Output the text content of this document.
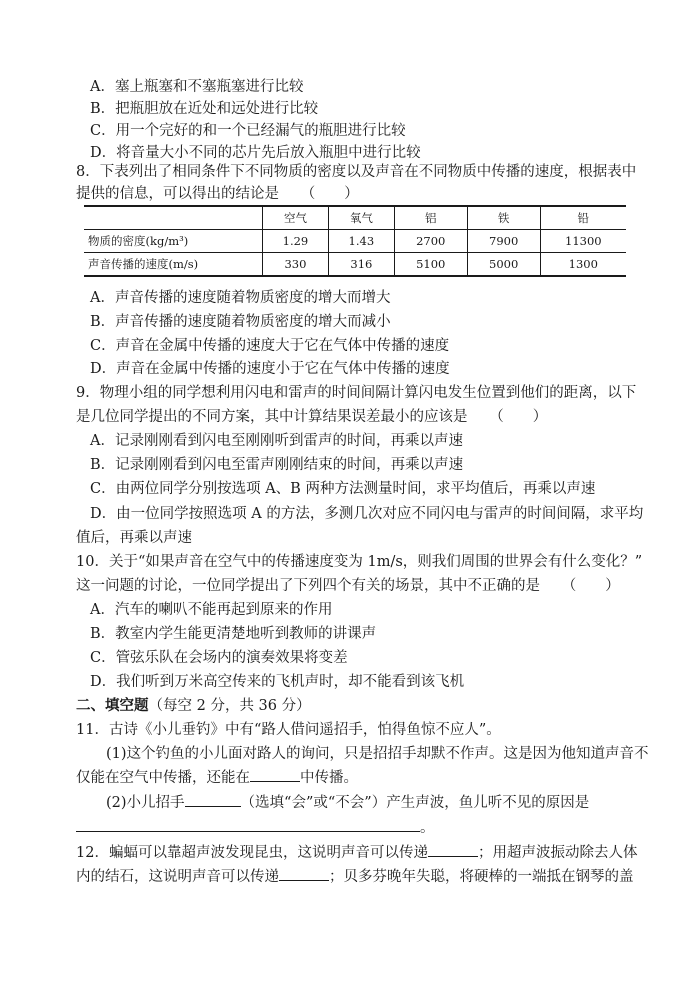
A．塞上瓶塞和不塞瓶塞进行比较
B．把瓶胆放在近处和远处进行比较
C．用一个完好的和一个已经漏气的瓶胆进行比较
D．将音量大小不同的芯片先后放入瓶胆中进行比较
8．下表列出了相同条件下不同物质的密度以及声音在不同物质中传播的速度，根据表中
提供的信息，可以得出的结论是　　（　　）
	空气	氧气	铝	铁	铅
物质的密度(kg/m³)	1.29	1.43	2700	7900	11300
声音传播的速度(m/s)	330	316	5100	5000	1300
A．声音传播的速度随着物质密度的增大而增大
B．声音传播的速度随着物质密度的增大而减小
C．声音在金属中传播的速度大于它在气体中传播的速度
D．声音在金属中传播的速度小于它在气体中传播的速度
9．物理小组的同学想利用闪电和雷声的时间间隔计算闪电发生位置到他们的距离，以下
是几位同学提出的不同方案，其中计算结果误差最小的应该是　　（　　）
A．记录刚刚看到闪电至刚刚听到雷声的时间，再乘以声速
B．记录刚刚看到闪电至雷声刚刚结束的时间，再乘以声速
C．由两位同学分别按选项 A、B 两种方法测量时间，求平均值后，再乘以声速
D．由一位同学按照选项 A 的方法，多测几次对应不同闪电与雷声的时间间隔，求平均
值后，再乘以声速
10．关于“如果声音在空气中的传播速度变为 1m/s，则我们周围的世界会有什么变化？”
这一问题的讨论，一位同学提出了下列四个有关的场景，其中不正确的是　　（　　）
A．汽车的喇叭不能再起到原来的作用
B．教室内学生能更清楚地听到教师的讲课声
C．管弦乐队在会场内的演奏效果将变差
D．我们听到万米高空传来的飞机声时，却不能看到该飞机
二、填空题（每空 2 分，共 36 分）
11．古诗《小儿垂钓》中有“路人借问遥招手，怕得鱼惊不应人”。
(1)这个钓鱼的小儿面对路人的询问，只是招招手却默不作声。这是因为他知道声音不
仅能在空气中传播，还能在	中传播。
(2)小儿招手	（选填“会”或“不会”）产生声波，鱼儿听不见的原因是
。
12．蝙蝠可以靠超声波发现昆虫，这说明声音可以传递	；用超声波振动除去人体
内的结石，这说明声音可以传递	；贝多芬晚年失聪，将硬棒的一端抵在钢琴的盖
